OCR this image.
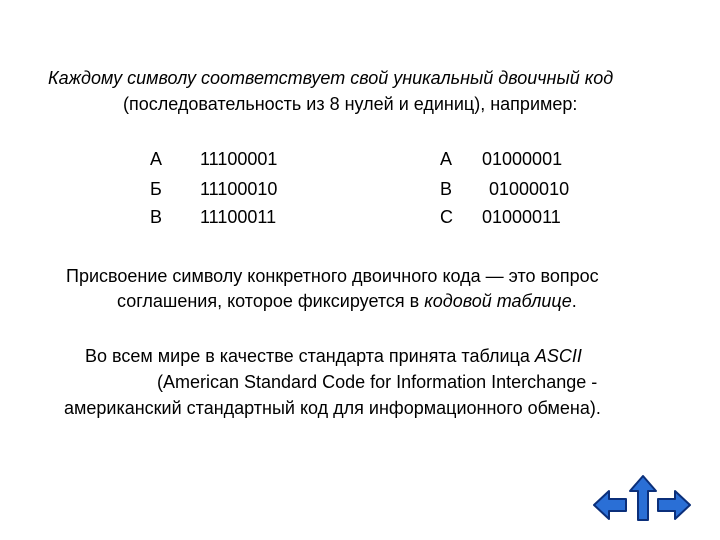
Каждому символу соответствует свой уникальный двоичный код
(последовательность из 8 нулей и единиц), например:
А 11100001
Б 11100010
В 11100011
A 01000001
B 01000010
C 01000011
Присвоение символу конкретного двоичного кода — это вопрос
соглашения, которое фиксируется в кодовой таблице.
Во всем мире в качестве стандарта принята таблица ASCII
(American Standard Code for Information Interchange -
американский стандартный код для информационного обмена).
